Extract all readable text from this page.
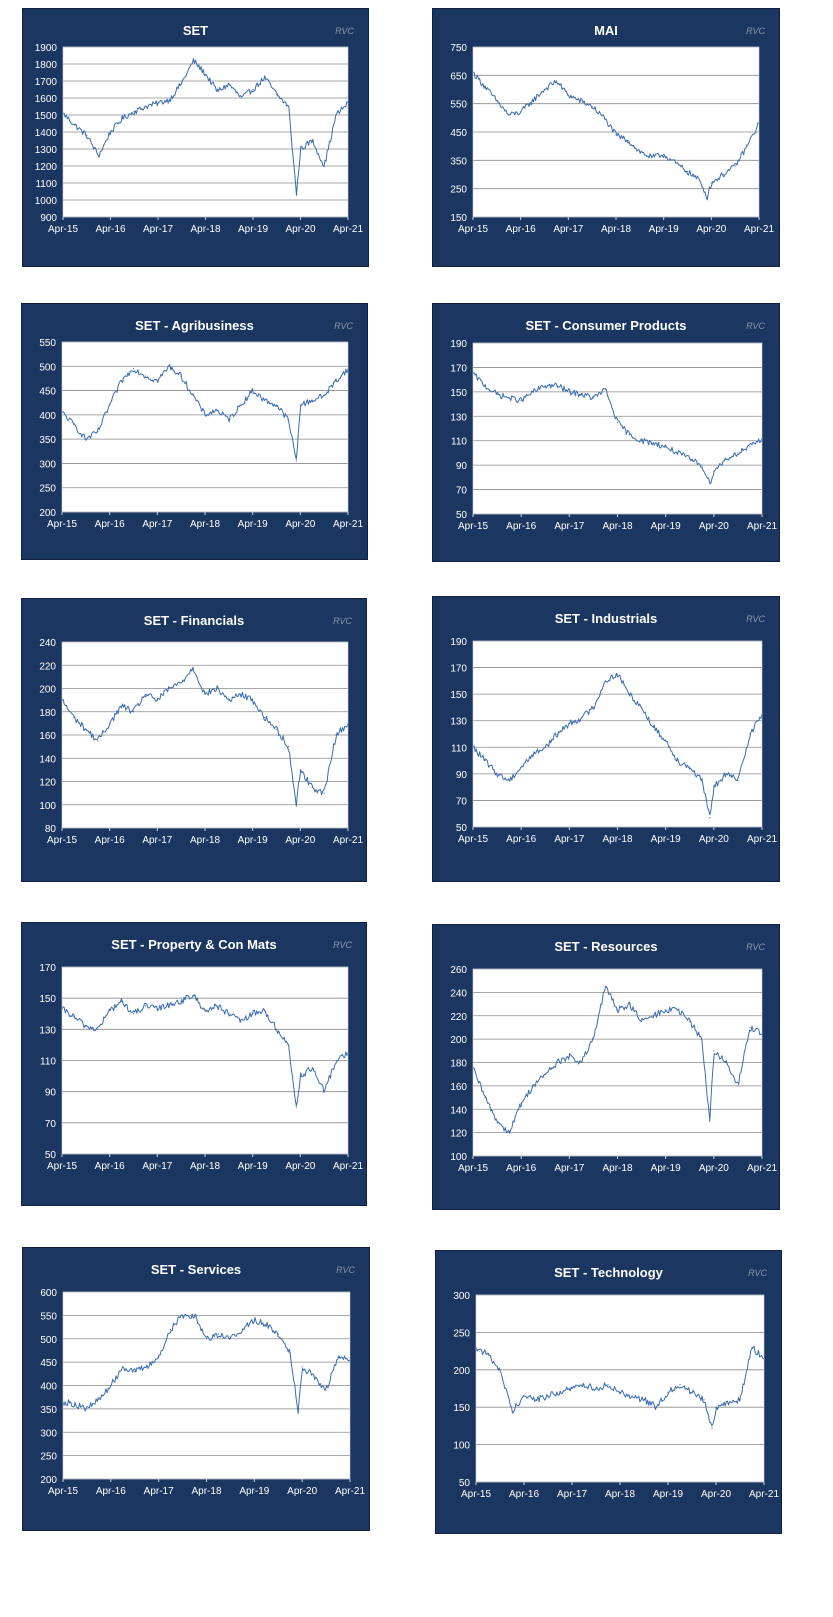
SET	RVC
900
1000
1100
1200
1300
1400
1500
1600
1700
1800
1900
Apr-15 Apr-16 Apr-17 Apr-18 Apr-19 Apr-20 Apr-21
MAI	RVC
150
250
350
450
550
650
750
Apr-15 Apr-16 Apr-17 Apr-18 Apr-19 Apr-20 Apr-21
SET - Agribusiness	RVC
200
250
300
350
400
450
500
550
Apr-15 Apr-16 Apr-17 Apr-18 Apr-19 Apr-20 Apr-21
SET - Consumer Products	RVC
50
70
90
110
130
150
170
190
Apr-15 Apr-16 Apr-17 Apr-18 Apr-19 Apr-20 Apr-21
SET - Financials	RVC
80
100
120
140
160
180
200
220
240
Apr-15 Apr-16 Apr-17 Apr-18 Apr-19 Apr-20 Apr-21
SET - Industrials	RVC
50
70
90
110
130
150
170
190
Apr-15 Apr-16 Apr-17 Apr-18 Apr-19 Apr-20 Apr-21
SET - Property & Con Mats	RVC
50
70
90
110
130
150
170
Apr-15 Apr-16 Apr-17 Apr-18 Apr-19 Apr-20 Apr-21
SET - Resources	RVC
100
120
140
160
180
200
220
240
260
Apr-15 Apr-16 Apr-17 Apr-18 Apr-19 Apr-20 Apr-21
SET - Services	RVC
200
250
300
350
400
450
500
550
600
Apr-15 Apr-16 Apr-17 Apr-18 Apr-19 Apr-20 Apr-21
SET - Technology	RVC
50
100
150
200
250
300
Apr-15 Apr-16 Apr-17 Apr-18 Apr-19 Apr-20 Apr-21
